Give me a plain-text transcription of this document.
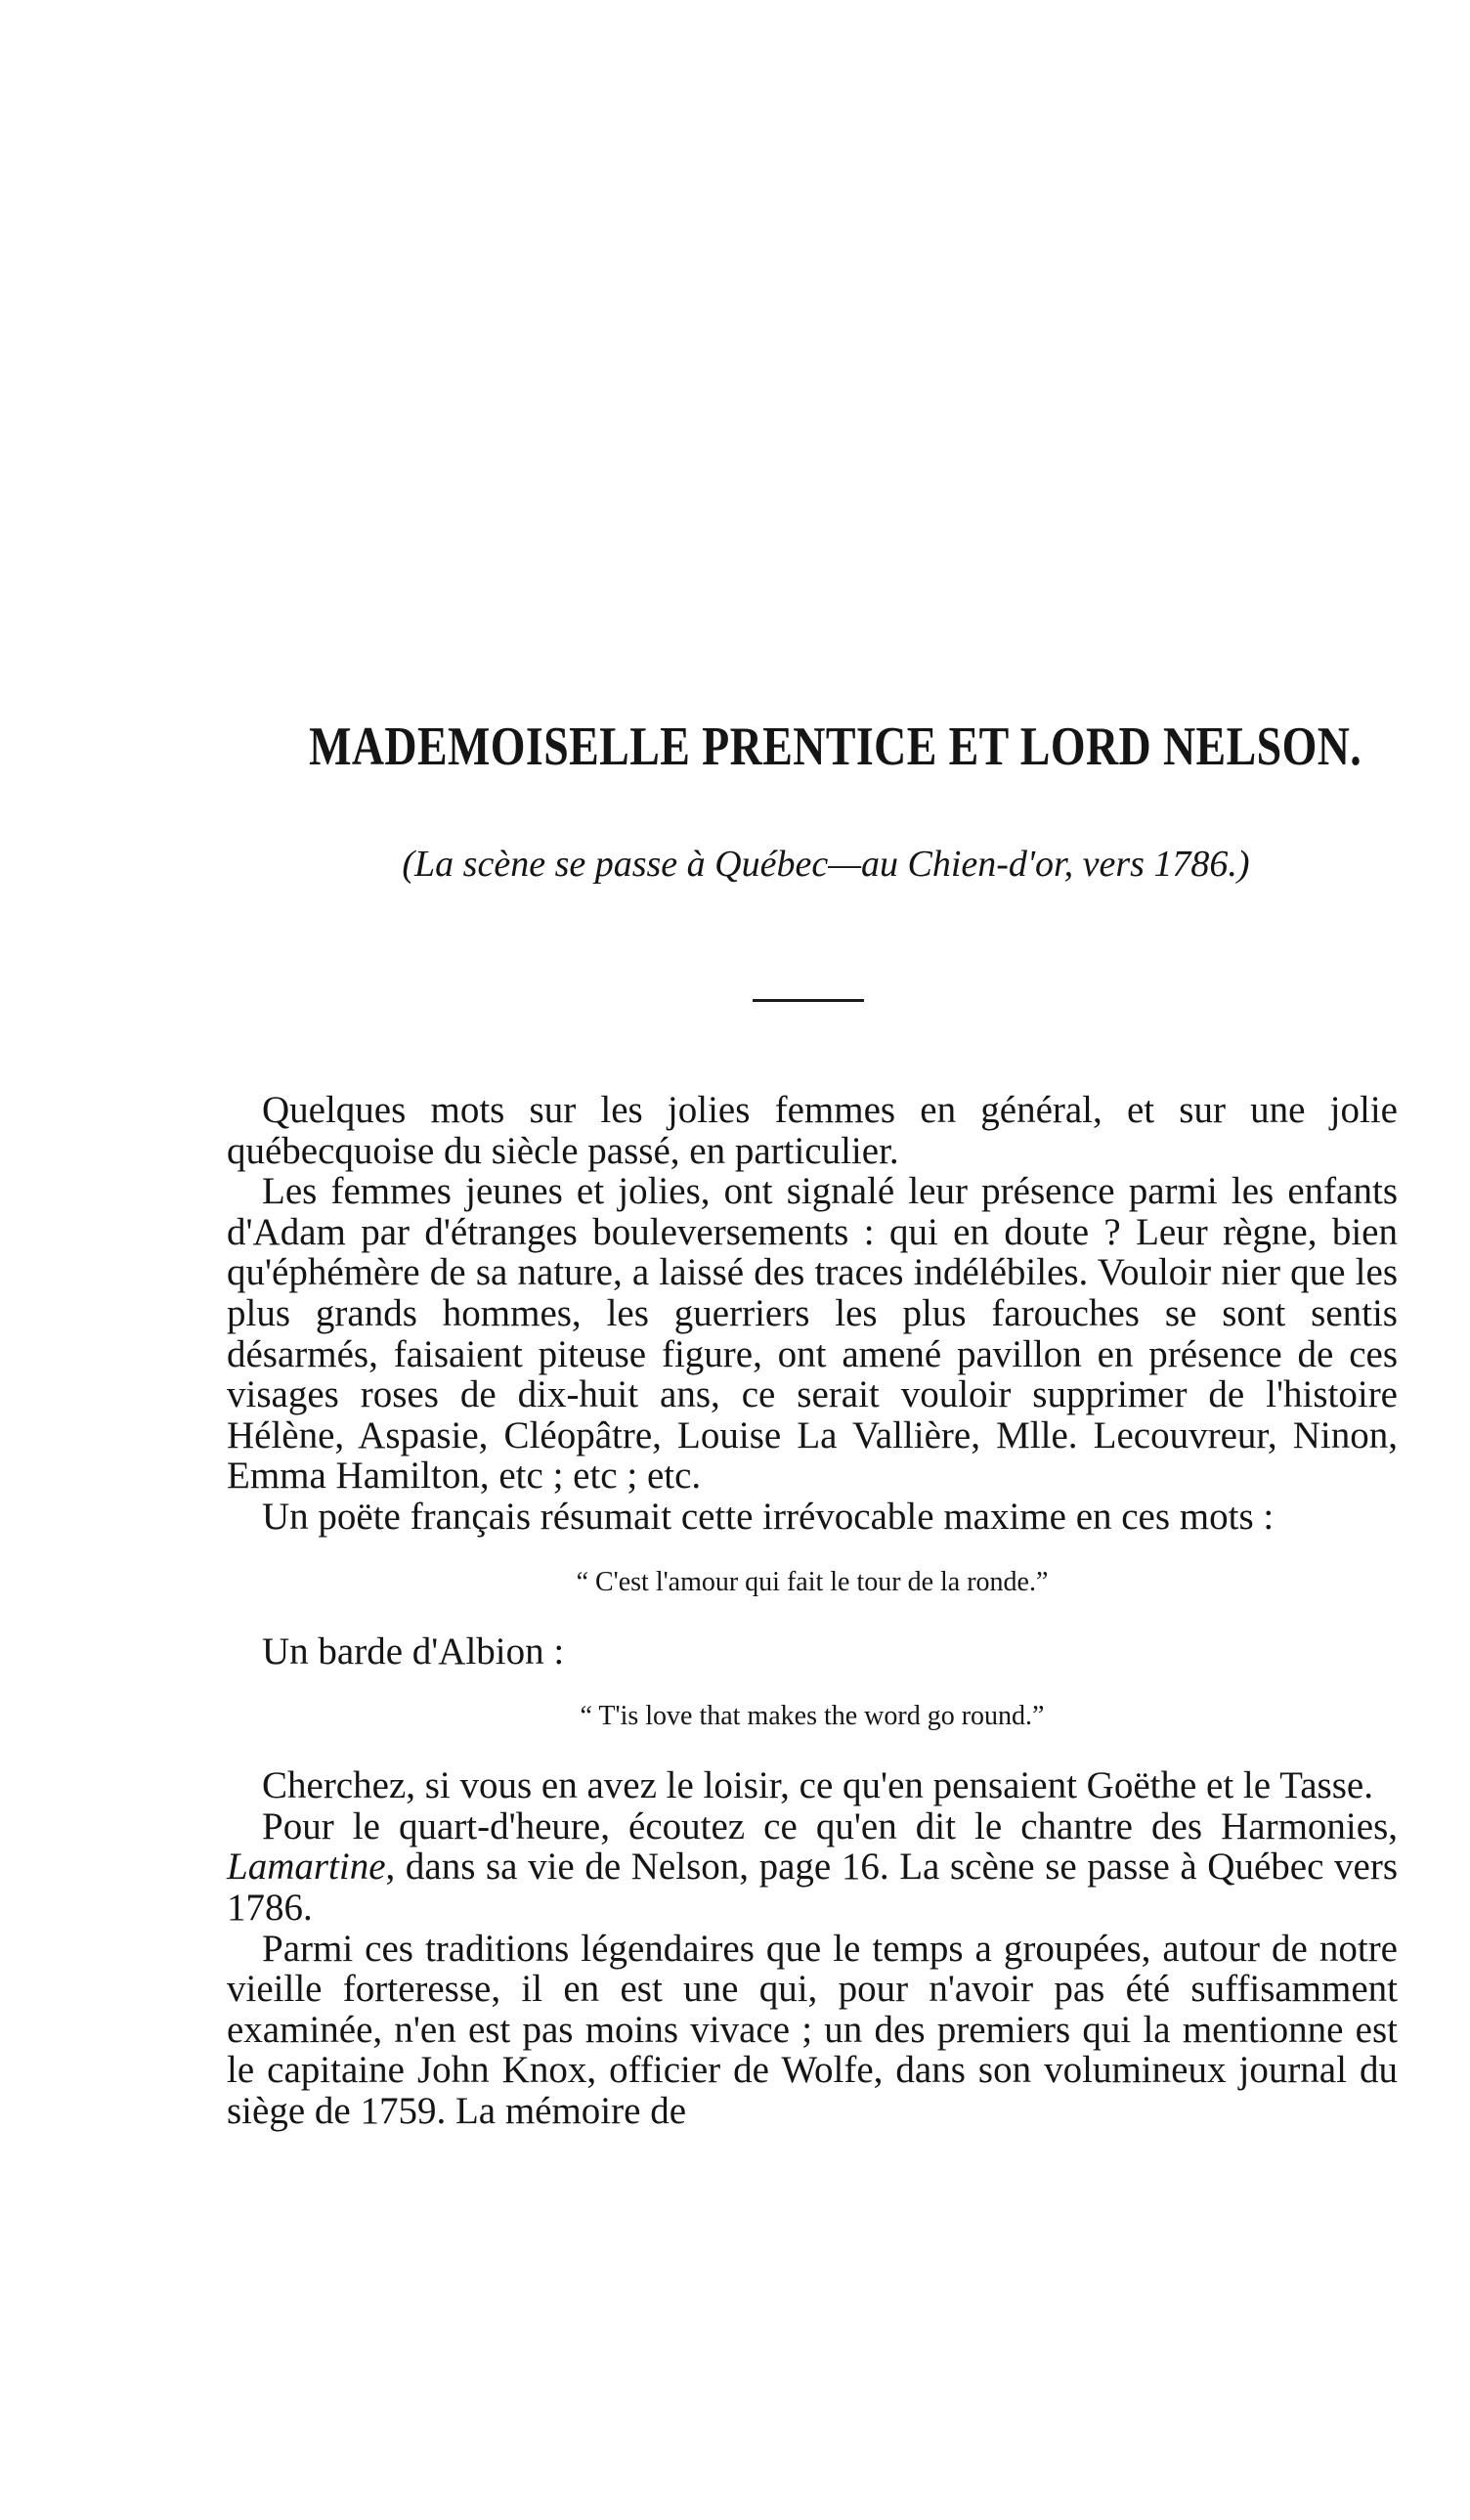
MADEMOISELLE PRENTICE ET LORD NELSON.
(La scène se passe à Québec—au Chien-d'or, vers 1786.)

Quelques mots sur les jolies femmes en général, et sur une jolie québecquoise du siècle passé, en particulier.

Les femmes jeunes et jolies, ont signalé leur présence parmi les enfants d'Adam par d'étranges bouleversements : qui en doute ? Leur règne, bien qu'éphémère de sa nature, a laissé des traces indélébiles. Vouloir nier que les plus grands hommes, les guerriers les plus farouches se sont sentis désarmés, faisaient piteuse figure, ont amené pavillon en présence de ces visages roses de dix-huit ans, ce serait vouloir supprimer de l'histoire Hélène, Aspasie, Cléopâtre, Louise La Vallière, Mlle. Lecouvreur, Ninon, Emma Hamilton, etc ; etc ; etc.

Un poëte français résumait cette irrévocable maxime en ces mots :

“ C'est l'amour qui fait le tour de la ronde.”

Un barde d'Albion :

“ T'is love that makes the word go round.”

Cherchez, si vous en avez le loisir, ce qu'en pensaient Goëthe et le Tasse.

Pour le quart-d'heure, écoutez ce qu'en dit le chantre des Harmonies, Lamartine, dans sa vie de Nelson, page 16. La scène se passe à Québec vers 1786.

Parmi ces traditions légendaires que le temps a groupées, autour de notre vieille forteresse, il en est une qui, pour n'avoir pas été suffisamment examinée, n'en est pas moins vivace ; un des premiers qui la mentionne est le capitaine John Knox, officier de Wolfe, dans son volumineux journal du siège de 1759. La mémoire de
